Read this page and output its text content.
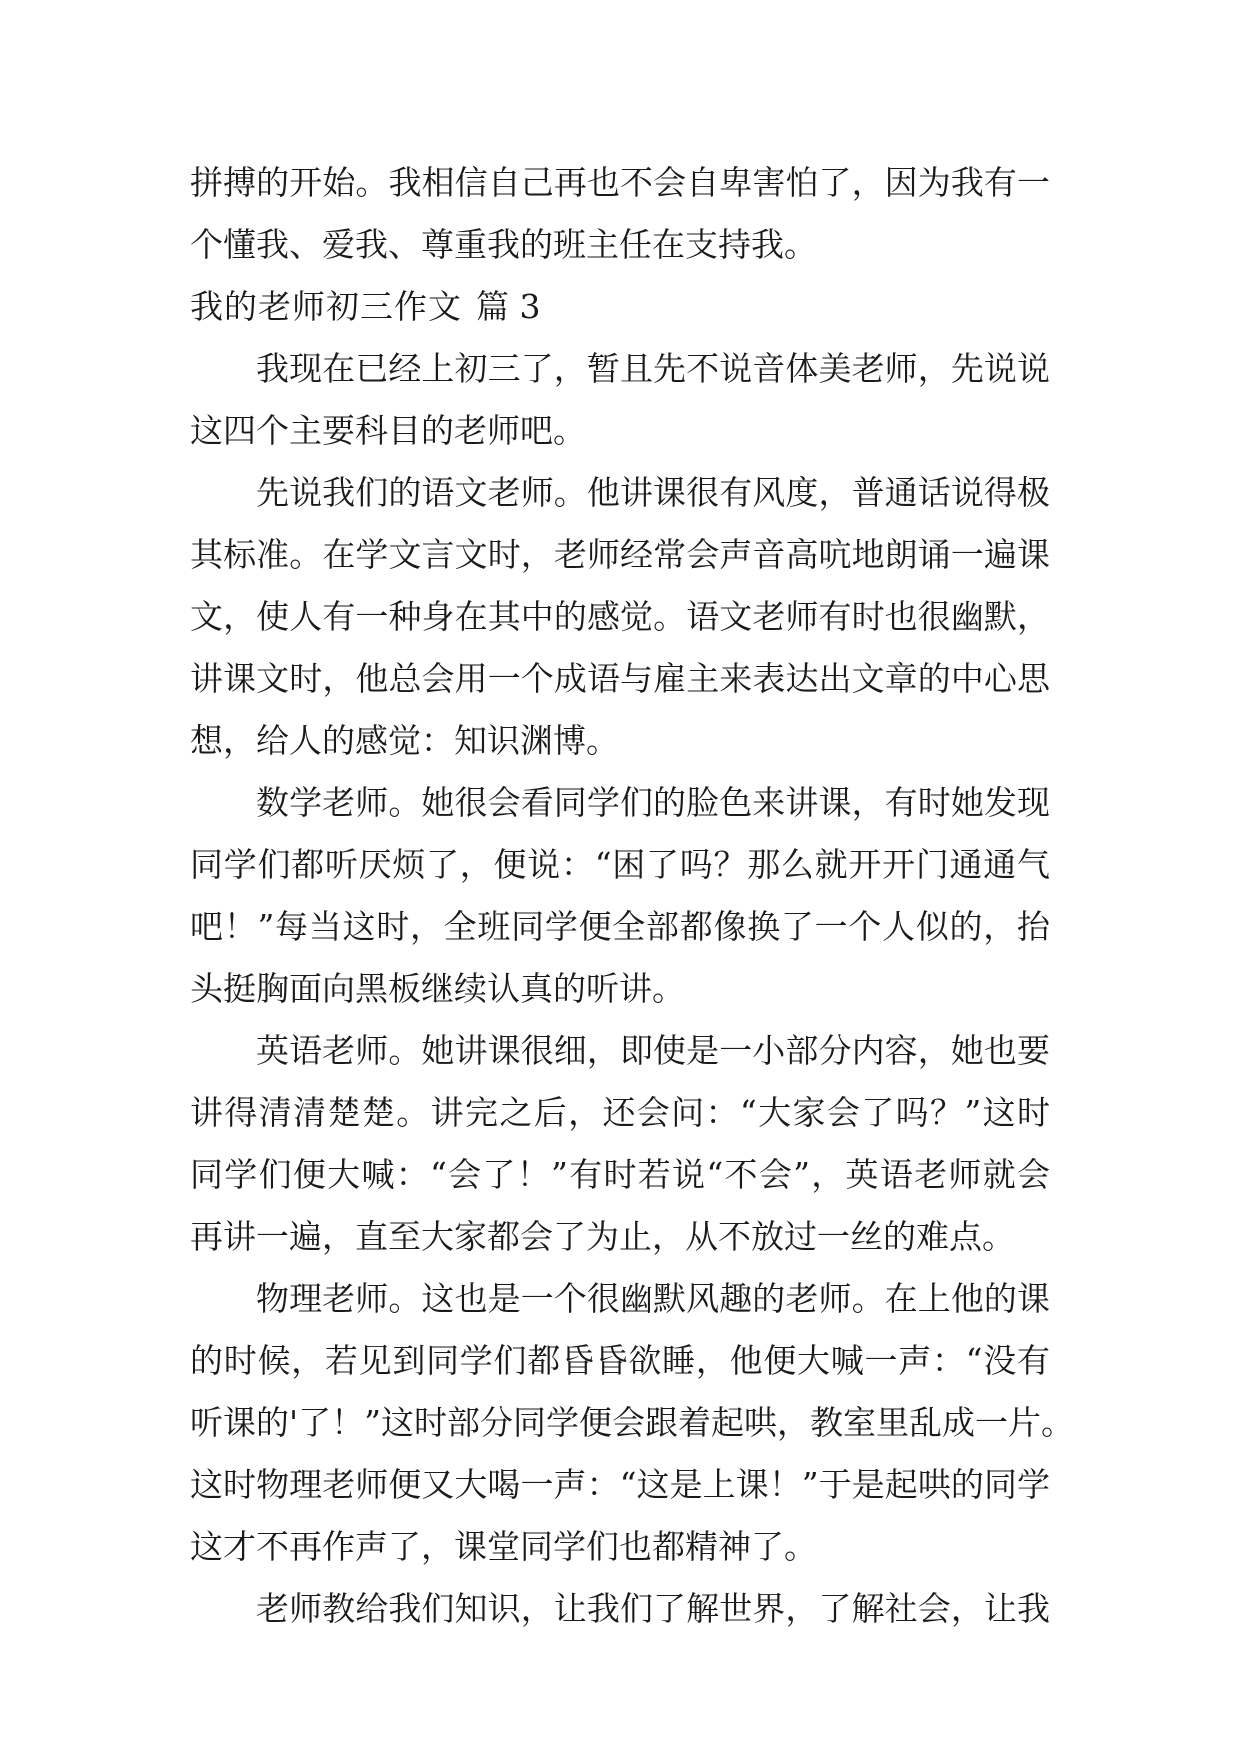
拼搏的开始。我相信自己再也不会自卑害怕了，因为我有一
个懂我、爱我、尊重我的班主任在支持我。
我的老师初三作文 篇 3
我现在已经上初三了，暂且先不说音体美老师，先说说
这四个主要科目的老师吧。
先说我们的语文老师。他讲课很有风度，普通话说得极
其标准。在学文言文时，老师经常会声音高吭地朗诵一遍课
文，使人有一种身在其中的感觉。语文老师有时也很幽默，
讲课文时，他总会用一个成语与雇主来表达出文章的中心思
想，给人的感觉：知识渊博。
数学老师。她很会看同学们的脸色来讲课，有时她发现
同学们都听厌烦了，便说：“困了吗？那么就开开门通通气
吧！”每当这时，全班同学便全部都像换了一个人似的，抬
头挺胸面向黑板继续认真的听讲。
英语老师。她讲课很细，即使是一小部分内容，她也要
讲得清清楚楚。讲完之后，还会问：“大家会了吗？”这时
同学们便大喊：“会了！”有时若说“不会”，英语老师就会
再讲一遍，直至大家都会了为止，从不放过一丝的难点。
物理老师。这也是一个很幽默风趣的老师。在上他的课
的时候，若见到同学们都昏昏欲睡，他便大喊一声：“没有
听课的'了！”这时部分同学便会跟着起哄，教室里乱成一片。
这时物理老师便又大喝一声：“这是上课！”于是起哄的同学
这才不再作声了，课堂同学们也都精神了。
老师教给我们知识，让我们了解世界，了解社会，让我
